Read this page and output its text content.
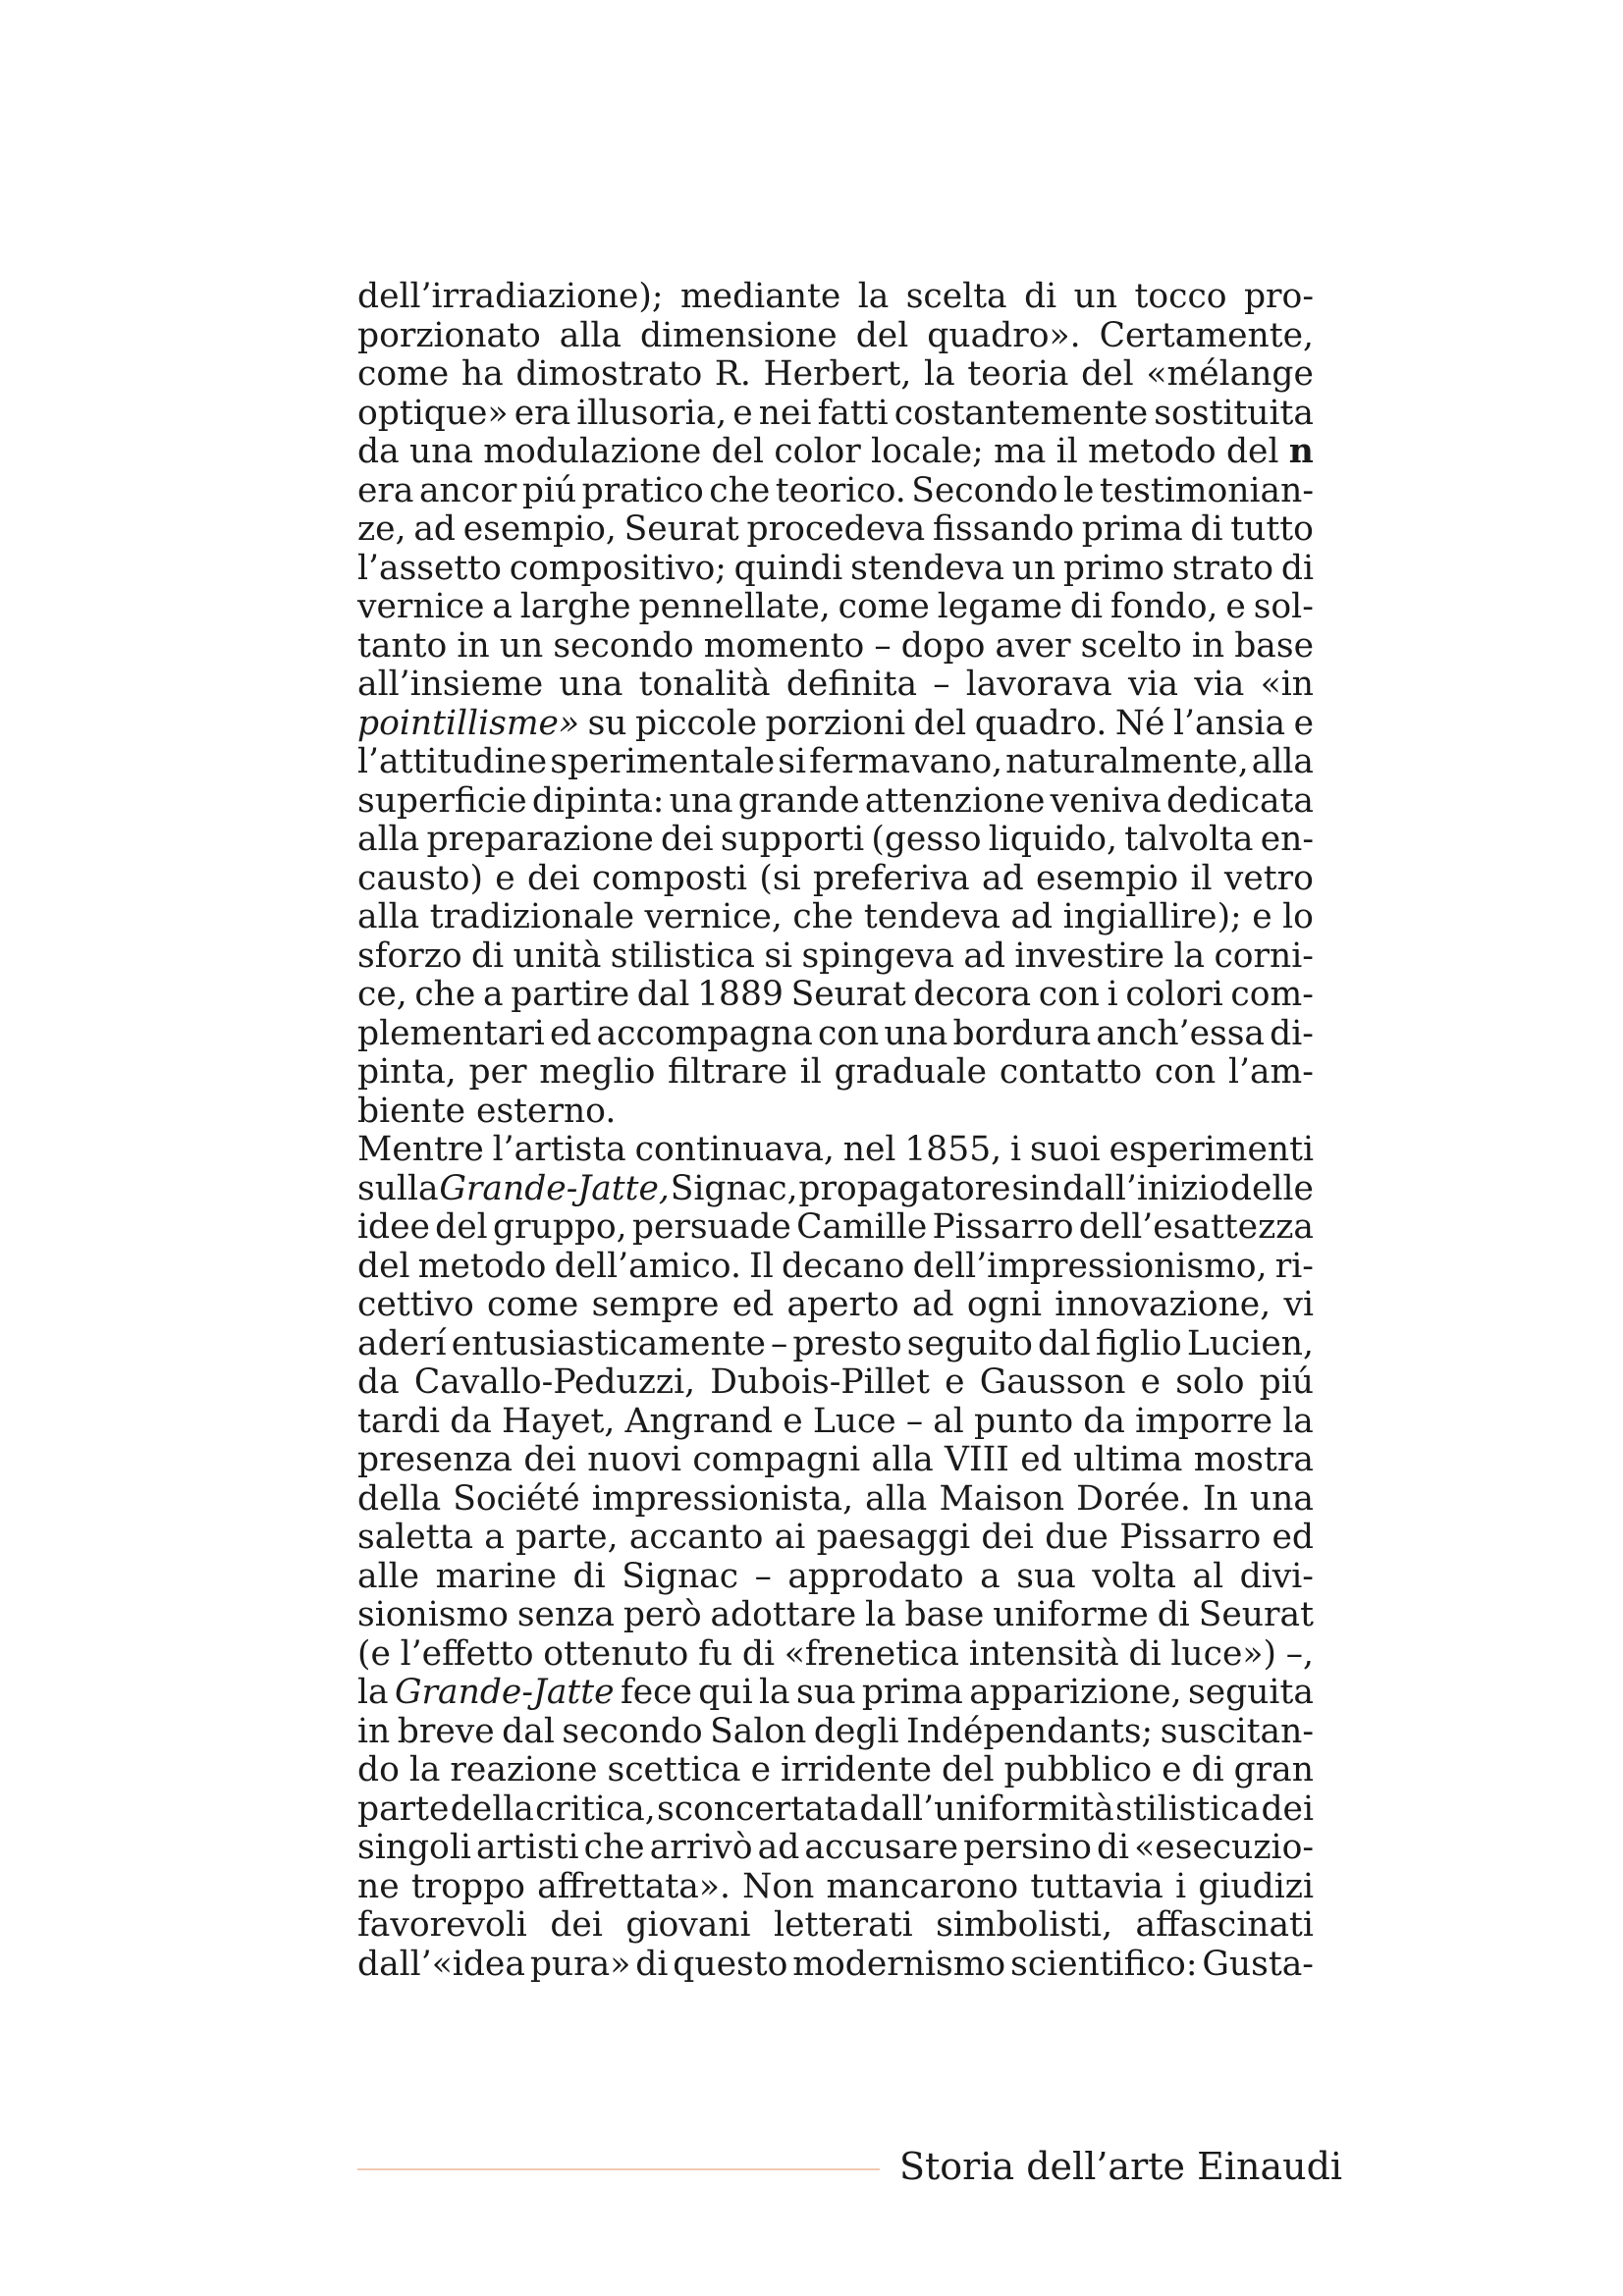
dell’irradiazione); mediante la scelta di un tocco pro-
porzionato alla dimensione del quadro». Certamente,
come ha dimostrato R. Herbert, la teoria del «mélange
optique» era illusoria, e nei fatti costantemente sostituita
da una modulazione del color locale; ma il metodo del n
era ancor piú pratico che teorico. Secondo le testimonian-
ze, ad esempio, Seurat procedeva fissando prima di tutto
l’assetto compositivo; quindi stendeva un primo strato di
vernice a larghe pennellate, come legame di fondo, e sol-
tanto in un secondo momento – dopo aver scelto in base
all’insieme una tonalità definita – lavorava via via «in
pointillisme» su piccole porzioni del quadro. Né l’ansia e
l’attitudine sperimentale si fermavano, naturalmente, alla
superficie dipinta: una grande attenzione veniva dedicata
alla preparazione dei supporti (gesso liquido, talvolta en-
causto) e dei composti (si preferiva ad esempio il vetro
alla tradizionale vernice, che tendeva ad ingiallire); e lo
sforzo di unità stilistica si spingeva ad investire la corni-
ce, che a partire dal 1889 Seurat decora con i colori com-
plementari ed accompagna con una bordura anch’essa di-
pinta, per meglio filtrare il graduale contatto con l’am-
biente esterno.
Mentre l’artista continuava, nel 1855, i suoi esperimenti
sulla Grande-Jatte, Signac, propagatore sin dall’inizio delle
idee del gruppo, persuade Camille Pissarro dell’esattezza
del metodo dell’amico. Il decano dell’impressionismo, ri-
cettivo come sempre ed aperto ad ogni innovazione, vi
aderí entusiasticamente – presto seguito dal figlio Lucien,
da Cavallo-Peduzzi, Dubois-Pillet e Gausson e solo piú
tardi da Hayet, Angrand e Luce – al punto da imporre la
presenza dei nuovi compagni alla VIII ed ultima mostra
della Société impressionista, alla Maison Dorée. In una
saletta a parte, accanto ai paesaggi dei due Pissarro ed
alle marine di Signac – approdato a sua volta al divi-
sionismo senza però adottare la base uniforme di Seurat
(e l’effetto ottenuto fu di «frenetica intensità di luce») –,
la Grande-Jatte fece qui la sua prima apparizione, seguita
in breve dal secondo Salon degli Indépendants; suscitan-
do la reazione scettica e irridente del pubblico e di gran
parte della critica, sconcertata dall’uniformità stilistica dei
singoli artisti che arrivò ad accusare persino di «esecuzio-
ne troppo affrettata». Non mancarono tuttavia i giudizi
favorevoli dei giovani letterati simbolisti, affascinati
dall’«idea pura» di questo modernismo scientifico: Gusta-
Storia dell’arte Einaudi
